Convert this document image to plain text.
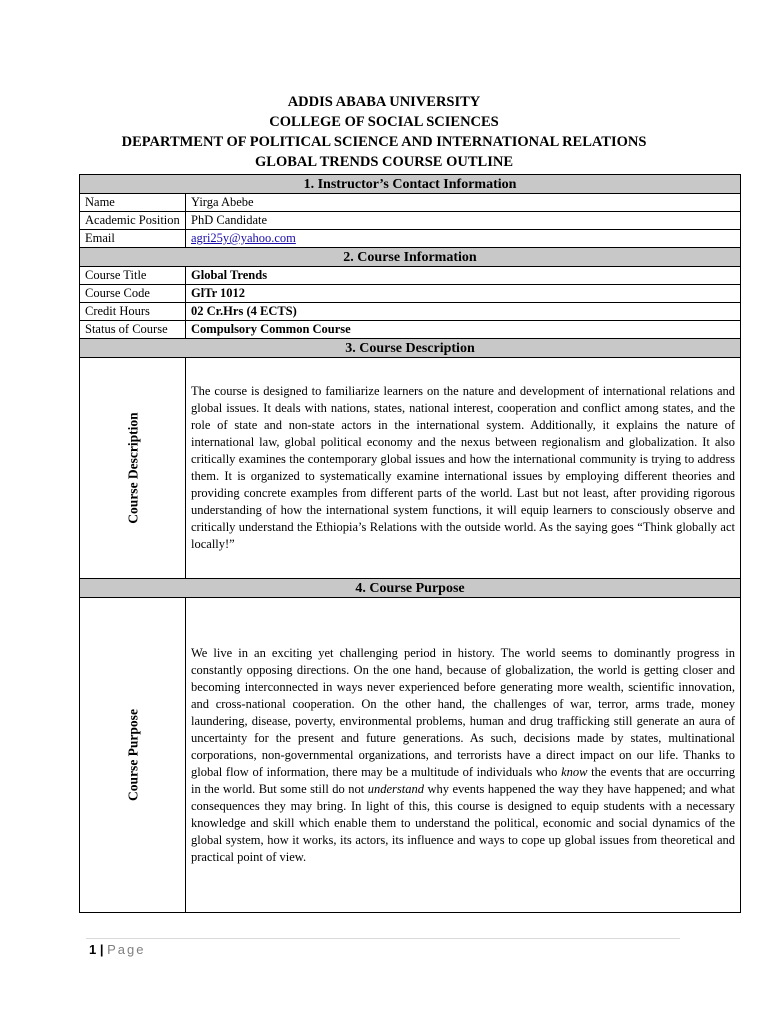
ADDIS ABABA UNIVERSITY
COLLEGE OF SOCIAL SCIENCES
DEPARTMENT OF POLITICAL SCIENCE AND INTERNATIONAL RELATIONS
GLOBAL TRENDS COURSE OUTLINE
1. Instructor’s Contact Information	
Name	Yirga Abebe
Academic Position	PhD Candidate
Email	agri25y@yahoo.com
2. Course Information	
Course Title	Global Trends
Course Code	GlTr 1012
Credit Hours	02 Cr.Hrs (4 ECTS)
Status of Course	Compulsory Common Course
3. Course Description	

Course Description	The course is designed to familiarize learners on the nature and development of international relations and global issues. It deals with nations, states, national interest, cooperation and conflict among states, and the role of state and non-state actors in the international system. Additionally, it explains the nature of international law, global political economy and the nexus between regionalism and globalization. It also critically examines the contemporary global issues and how the international community is trying to address them. It is organized to systematically examine international issues by employing different theories and providing concrete examples from different parts of the world. Last but not least, after providing rigorous understanding of how the international system functions, it will equip learners to consciously observe and critically understand the Ethiopia’s Relations with the outside world. As the saying goes “Think globally act locally!”
4. Course Purpose	

Course Purpose	We live in an exciting yet challenging period in history. The world seems to dominantly progress in constantly opposing directions. On the one hand, because of globalization, the world is getting closer and becoming interconnected in ways never experienced before generating more wealth, scientific innovation, and cross-national cooperation. On the other hand, the challenges of war, terror, arms trade, money laundering, disease, poverty, environmental problems, human and drug trafficking still generate an aura of uncertainty for the present and future generations. As such, decisions made by states, multinational corporations, non-governmental organizations, and terrorists have a direct impact on our life. Thanks to global flow of information, there may be a multitude of individuals who know the events that are occurring in the world. But some still do not understand why events happened the way they have happened; and what consequences they may bring. In light of this, this course is designed to equip students with a necessary knowledge and skill which enable them to understand the political, economic and social dynamics of the global system, how it works, its actors, its influence and ways to cope up global issues from theoretical and practical point of view.
1 | Page
